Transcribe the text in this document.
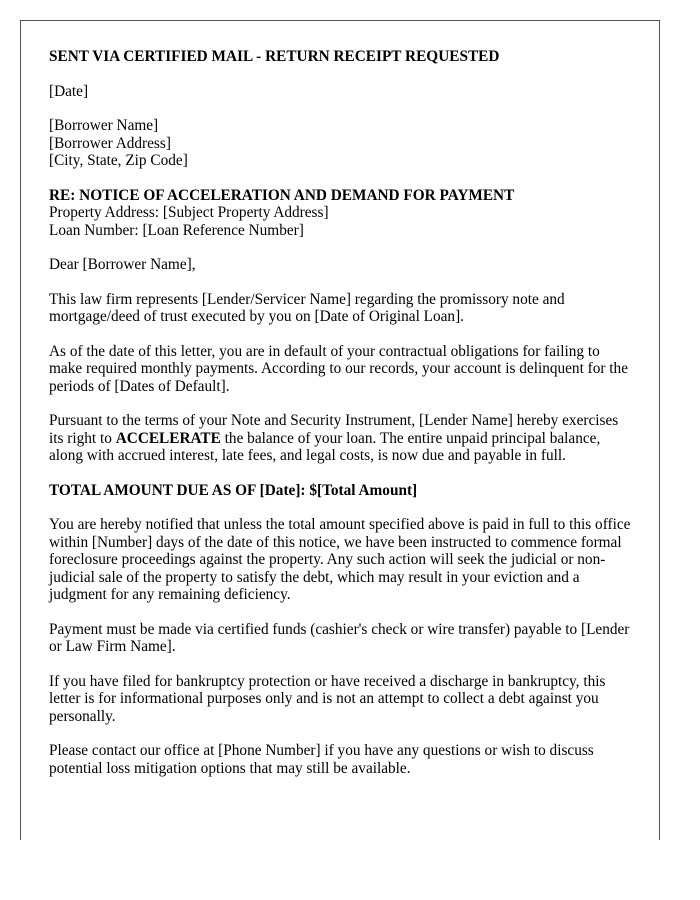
SENT VIA CERTIFIED MAIL - RETURN RECEIPT REQUESTED
[Date]
[Borrower Name]
[Borrower Address]
[City, State, Zip Code]
RE: NOTICE OF ACCELERATION AND DEMAND FOR PAYMENT
Property Address: [Subject Property Address]
Loan Number: [Loan Reference Number]
Dear [Borrower Name],
This law firm represents [Lender/Servicer Name] regarding the promissory note and mortgage/deed of trust executed by you on [Date of Original Loan].
As of the date of this letter, you are in default of your contractual obligations for failing to make required monthly payments. According to our records, your account is delinquent for the periods of [Dates of Default].
Pursuant to the terms of your Note and Security Instrument, [Lender Name] hereby exercises its right to ACCELERATE the balance of your loan. The entire unpaid principal balance, along with accrued interest, late fees, and legal costs, is now due and payable in full.
TOTAL AMOUNT DUE AS OF [Date]: $[Total Amount]
You are hereby notified that unless the total amount specified above is paid in full to this office within [Number] days of the date of this notice, we have been instructed to commence formal foreclosure proceedings against the property. Any such action will seek the judicial or non-judicial sale of the property to satisfy the debt, which may result in your eviction and a judgment for any remaining deficiency.
Payment must be made via certified funds (cashier's check or wire transfer) payable to [Lender or Law Firm Name].
If you have filed for bankruptcy protection or have received a discharge in bankruptcy, this letter is for informational purposes only and is not an attempt to collect a debt against you personally.
Please contact our office at [Phone Number] if you have any questions or wish to discuss potential loss mitigation options that may still be available.
